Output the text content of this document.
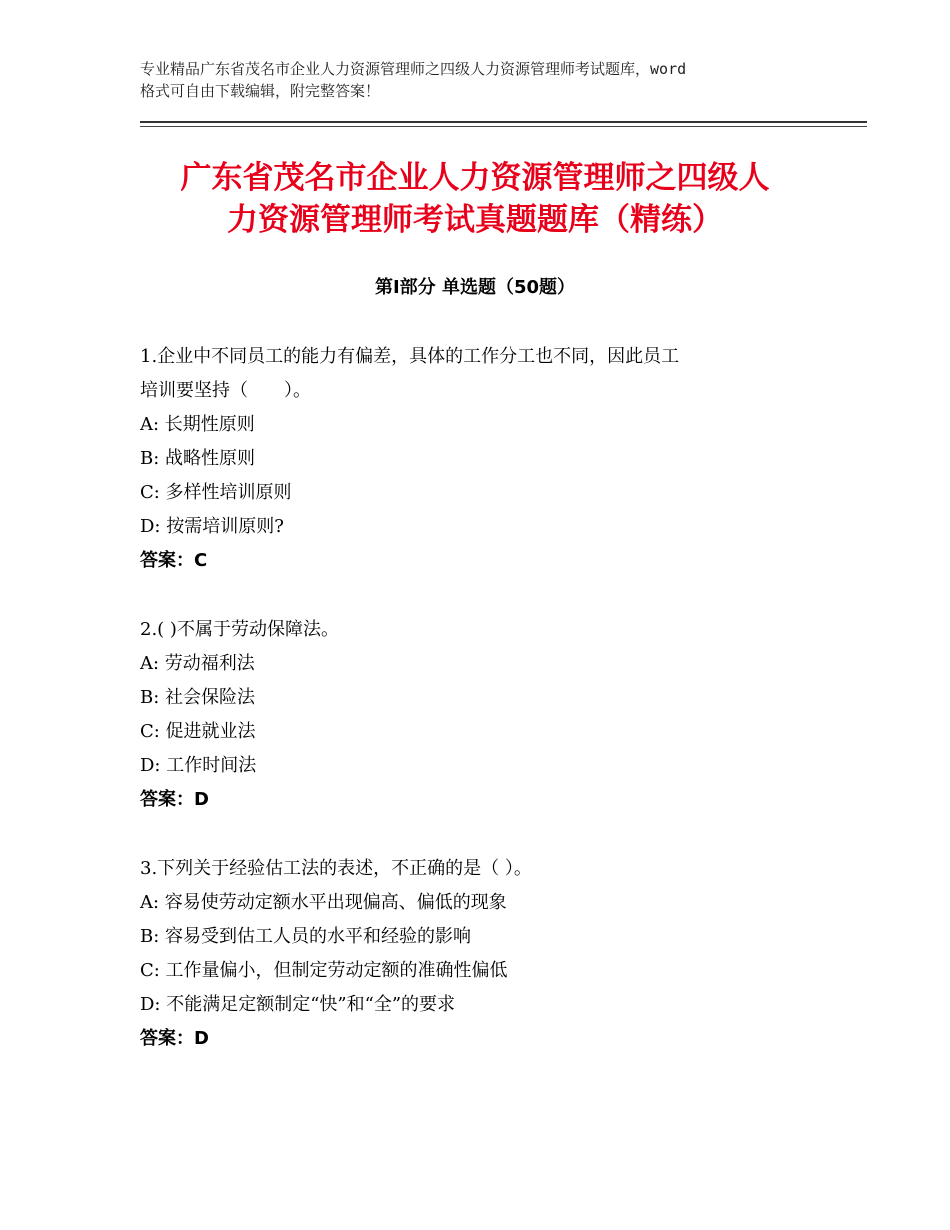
专业精品广东省茂名市企业人力资源管理师之四级人力资源管理师考试题库，word
格式可自由下载编辑，附完整答案！
广东省茂名市企业人力资源管理师之四级人
力资源管理师考试真题题库（精练）
第Ⅰ部分 单选题（50题）
1.企业中不同员工的能力有偏差，具体的工作分工也不同，因此员工
培训要坚持（　　）。
A: 长期性原则
B: 战略性原则
C: 多样性培训原则
D: 按需培训原则?
答案：C
2.( )不属于劳动保障法。
A: 劳动福利法
B: 社会保险法
C: 促进就业法
D: 工作时间法
答案：D
3.下列关于经验估工法的表述，不正确的是（ ）。
A: 容易使劳动定额水平出现偏高、偏低的现象
B: 容易受到估工人员的水平和经验的影响
C: 工作量偏小，但制定劳动定额的准确性偏低
D: 不能满足定额制定“快”和“全”的要求
答案：D
